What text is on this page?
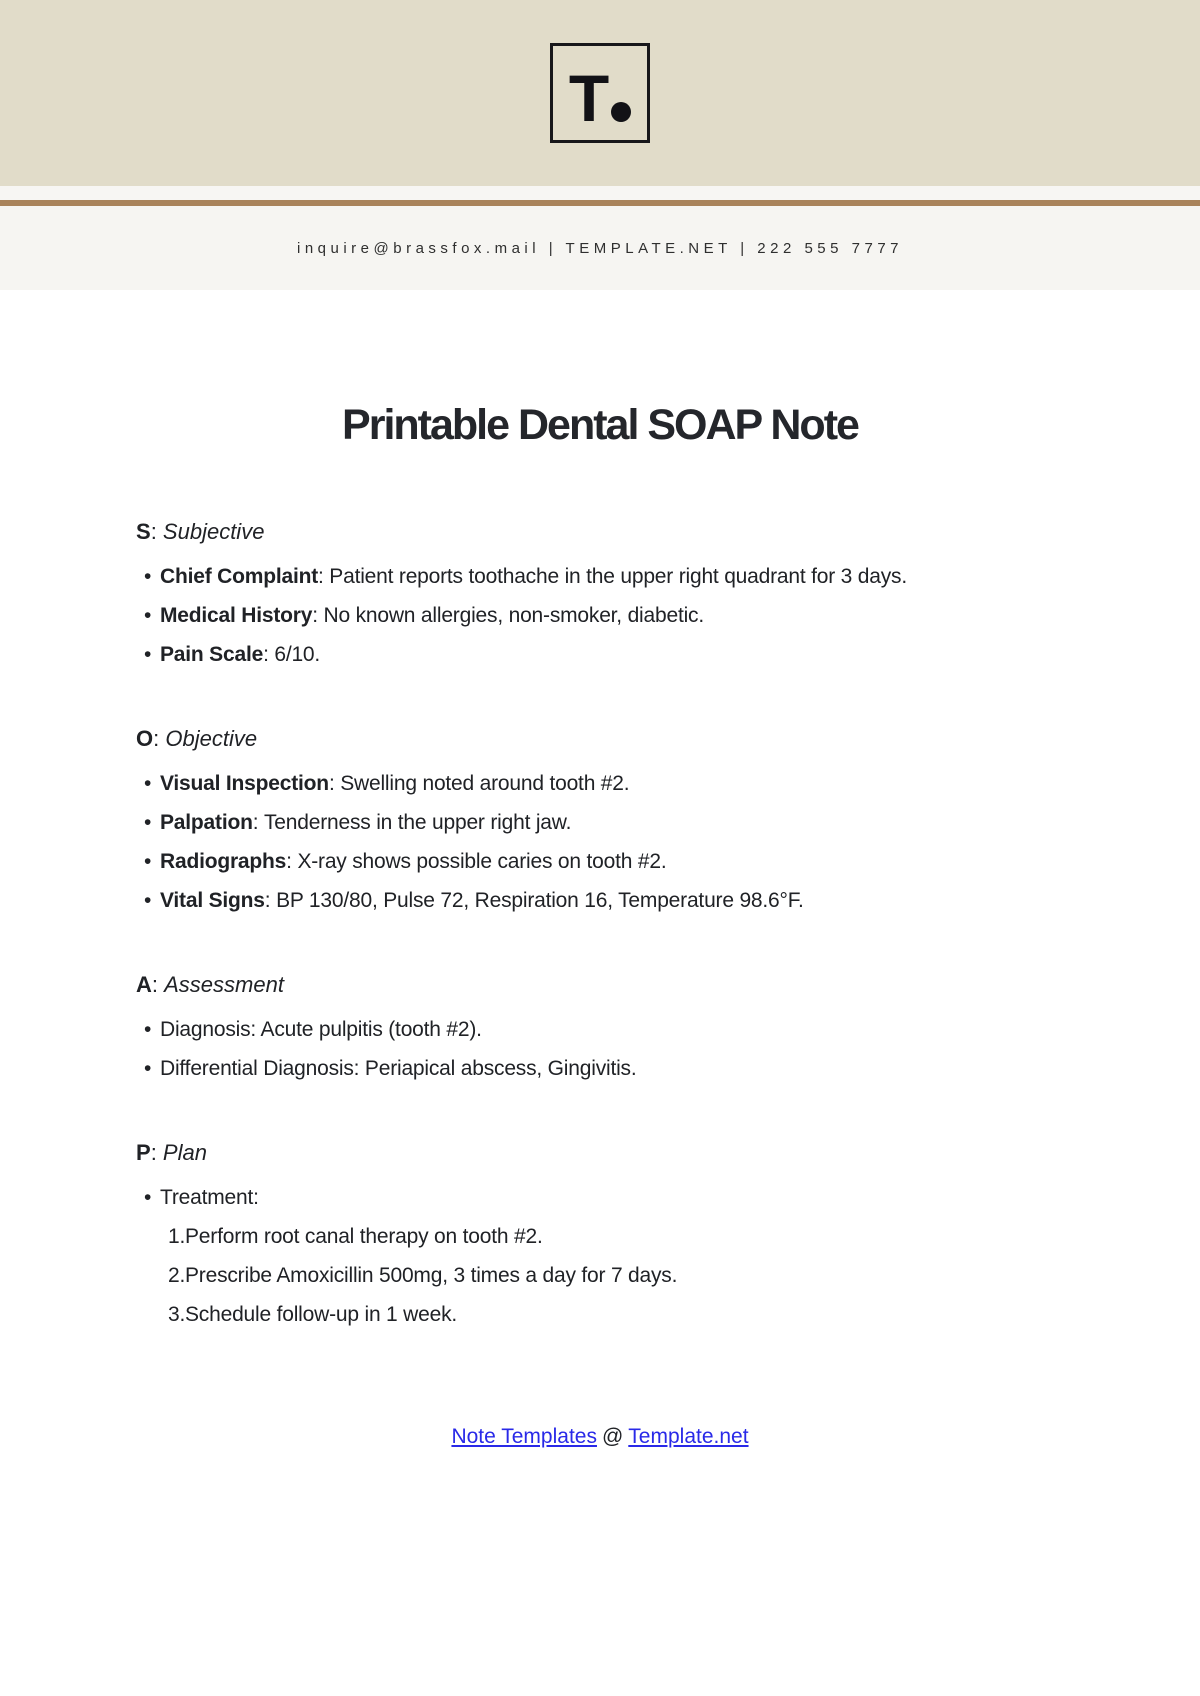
T
inquire@brassfox.mail | TEMPLATE.NET | 222 555 7777
Printable Dental SOAP Note
S : Subjective
• Chief Complaint : Patient reports toothache in the upper right quadrant for 3 days.
• Medical History : No known allergies, non-smoker, diabetic.
• Pain Scale : 6/10.
O : Objective
• Visual Inspection : Swelling noted around tooth #2.
• Palpation : Tenderness in the upper right jaw.
• Radiographs : X-ray shows possible caries on tooth #2.
• Vital Signs : BP 130/80, Pulse 72, Respiration 16, Temperature 98.6°F.
A : Assessment
• Diagnosis: Acute pulpitis (tooth #2).
• Differential Diagnosis: Periapical abscess, Gingivitis.
P : Plan
• Treatment:
Perform root canal therapy on tooth #2.
Prescribe Amoxicillin 500mg, 3 times a day for 7 days.
Schedule follow-up in 1 week.
Note Templates @ Template.net
